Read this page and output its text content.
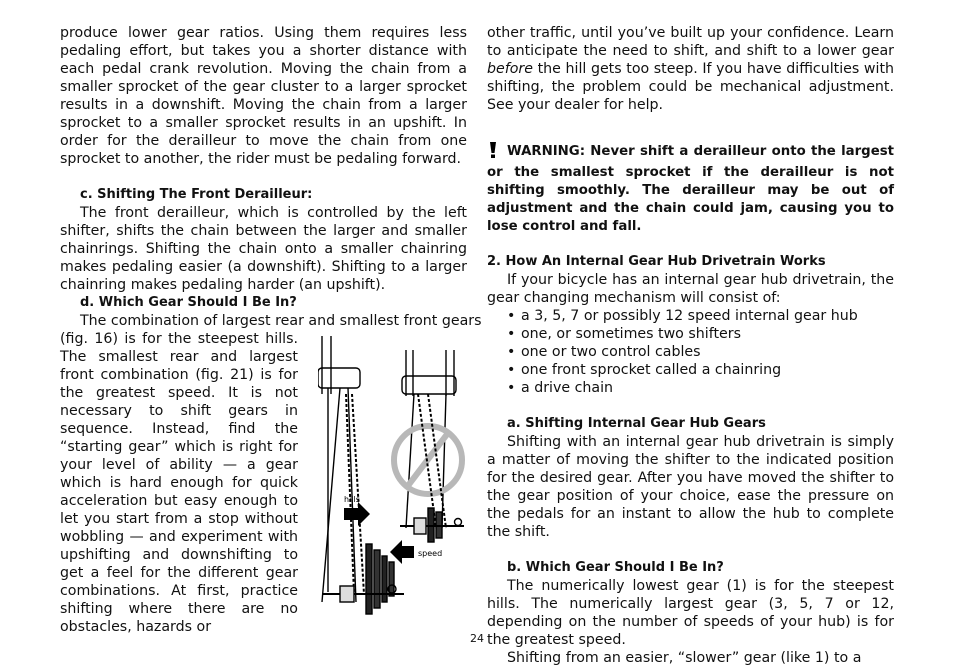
produce lower gear ratios. Using them requires less pedaling effort, but takes you a shorter distance with each pedal crank revolution. Moving the chain from a smaller sprocket of the gear cluster to a larger sprocket results in a downshift. Moving the chain from a larger sprocket to a smaller sprocket results in an upshift. In order for the derailleur to move the chain from one sprocket to another, the rider must be pedaling forward.

c. Shifting The Front Derailleur:

The front derailleur, which is controlled by the left shifter, shifts the chain between the larger and smaller chainrings. Shifting the chain onto a smaller chainring makes pedaling easier (a downshift). Shifting to a larger chainring makes pedaling harder (an upshift).

d. Which Gear Should I Be In?

The combination of largest rear and smallest front gears

(fig. 16) is for the steepest hills. The smallest rear and largest front combination (fig. 21) is for the greatest speed. It is not necessary to shift gears in sequence. Instead, find the “starting gear” which is right for your level of ability — a gear which is hard enough for quick acceleration but easy enough to let you start from a stop without wobbling — and experiment with upshifting and downshifting to get a feel for the different gear combinations. At first, practice shifting where there are no obstacles, hazards or

hills
speed

other traffic, until you’ve built up your confidence. Learn to anticipate the need to shift, and shift to a lower gear before the hill gets too steep. If you have difficulties with shifting, the problem could be mechanical adjustment. See your dealer for help.

WARNING: Never shift a derailleur onto the largest or the smallest sprocket if the derailleur is not shifting smoothly. The derailleur may be out of adjustment and the chain could jam, causing you to lose control and fall.

2. How An Internal Gear Hub Drivetrain Works

If your bicycle has an internal gear hub drivetrain, the gear changing mechanism will consist of:

• a 3, 5, 7 or possibly 12 speed internal gear hub
• one, or sometimes two shifters
• one or two control cables
• one front sprocket called a chainring
• a drive chain
a. Shifting Internal Gear Hub Gears

Shifting with an internal gear hub drivetrain is simply a matter of moving the shifter to the indicated position for the desired gear. After you have moved the shifter to the gear position of your choice, ease the pressure on the pedals for an instant to allow the hub to complete the shift.

b. Which Gear Should I Be In?

The numerically lowest gear (1) is for the steepest hills. The numerically largest gear (3, 5, 7 or 12, depending on the number of speeds of your hub) is for the greatest speed.

Shifting from an easier, “slower” gear (like 1) to a

24
